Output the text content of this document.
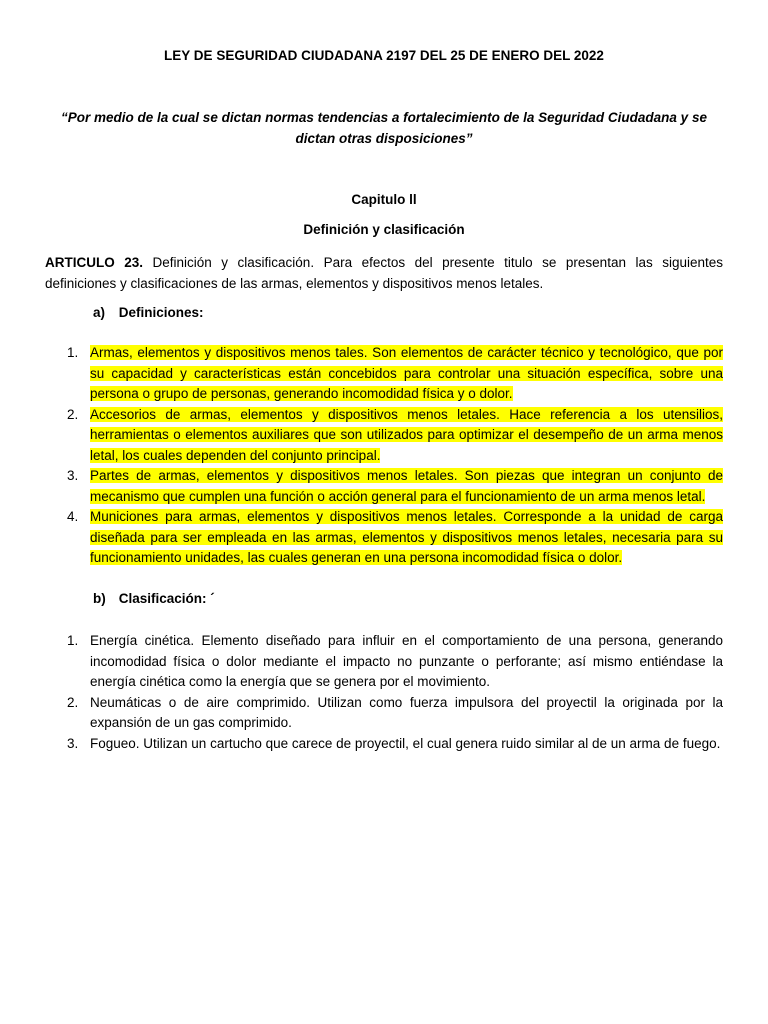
LEY DE SEGURIDAD CIUDADANA 2197 DEL 25 DE ENERO DEL 2022
“Por medio de la cual se dictan normas tendencias a fortalecimiento de la Seguridad Ciudadana y se dictan otras disposiciones”
Capitulo ll
Definición y clasificación
ARTICULO 23. Definición y clasificación. Para efectos del presente titulo se presentan las siguientes definiciones y clasificaciones de las armas, elementos y dispositivos menos letales.
a) Definiciones:
1. Armas, elementos y dispositivos menos tales. Son elementos de carácter técnico y tecnológico, que por su capacidad y características están concebidos para controlar una situación específica, sobre una persona o grupo de personas, generando incomodidad física y o dolor.
2. Accesorios de armas, elementos y dispositivos menos letales. Hace referencia a los utensilios, herramientas o elementos auxiliares que son utilizados para optimizar el desempeño de un arma menos letal, los cuales dependen del conjunto principal.
3. Partes de armas, elementos y dispositivos menos letales. Son piezas que integran un conjunto de mecanismo que cumplen una función o acción general para el funcionamiento de un arma menos letal.
4. Municiones para armas, elementos y dispositivos menos letales. Corresponde a la unidad de carga diseñada para ser empleada en las armas, elementos y dispositivos menos letales, necesaria para su funcionamiento unidades, las cuales generan en una persona incomodidad física o dolor.
b) Clasificación: ´
1. Energía cinética. Elemento diseñado para influir en el comportamiento de una persona, generando incomodidad física o dolor mediante el impacto no punzante o perforante; así mismo entiéndase la energía cinética como la energía que se genera por el movimiento.
2. Neumáticas o de aire comprimido. Utilizan como fuerza impulsora del proyectil la originada por la expansión de un gas comprimido.
3. Fogueo. Utilizan un cartucho que carece de proyectil, el cual genera ruido similar al de un arma de fuego.
